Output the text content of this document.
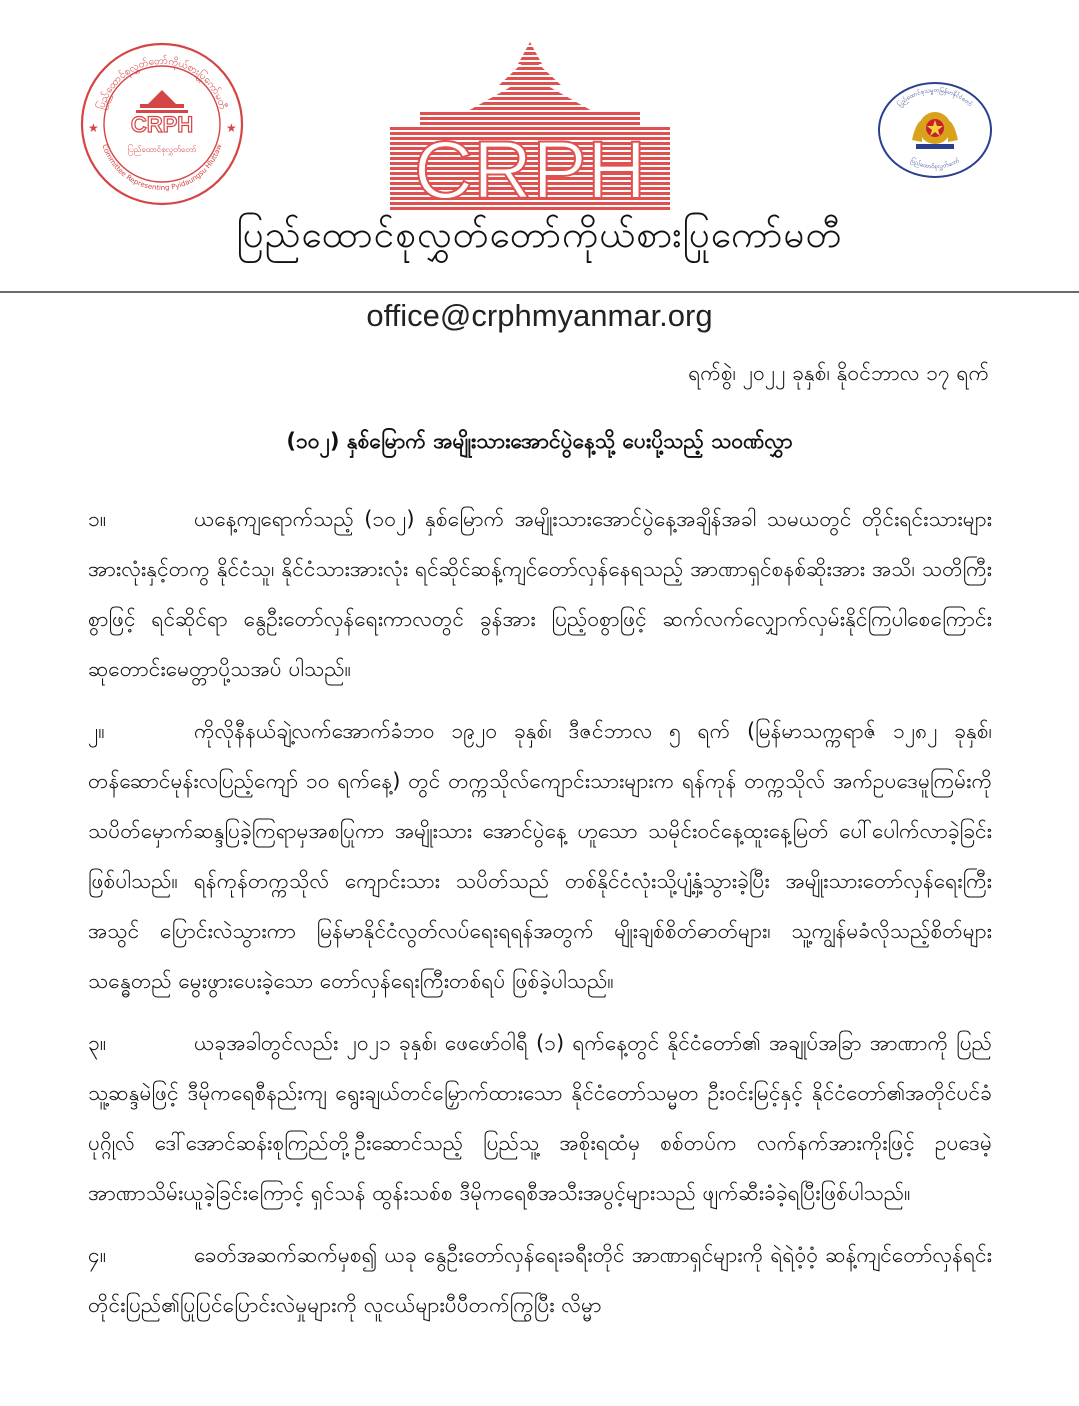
ပြည်ထောင်စုလွှတ်တော်ကိုယ်စားပြုကော်မတီ
Committee Representing Pyidaungsu Hluttaw
★	★
CRPH
ပြည်ထောင်စုလွှတ်တော်	CRPH
ပြည်ထောင်စုသမ္မတမြန်မာနိုင်ငံတော်
ပြည်ထောင်စုလွှတ်တော်
ပြည်ထောင်စုလွှတ်တော်ကိုယ်စားပြုကော်မတီ
office@crphmyanmar.org
ရက်စွဲ၊ ၂၀၂၂ ခုနှစ်၊ နိုဝင်ဘာလ ၁၇ ရက်
(၁၀၂) နှစ်မြောက် အမျိုးသားအောင်ပွဲနေ့သို့ ပေးပို့သည့် သဝဏ်လွှာ

၁။	ယနေ့ကျရောက်သည့် (၁၀၂) နှစ်မြောက် အမျိုးသားအောင်ပွဲနေ့အချိန်အခါ သမယတွင် တိုင်းရင်းသားများအားလုံးနှင့်တကွ နိုင်ငံသူ၊ နိုင်ငံသားအားလုံး ရင်ဆိုင်ဆန့်ကျင်တော်လှန်နေရသည့် အာဏာရှင်စနစ်ဆိုးအား အသိ၊ သတိကြီးစွာဖြင့် ရင်ဆိုင်ရာ နွေဦးတော်လှန်ရေးကာလတွင် ခွန်အား ပြည့်ဝစွာဖြင့် ဆက်လက်လျှောက်လှမ်းနိုင်ကြပါစေကြောင်း ဆုတောင်းမေတ္တာပို့သအပ် ပါသည်။

၂။	ကိုလိုနီနယ်ချဲ့လက်အောက်ခံဘ၀ ၁၉၂၀ ခုနှစ်၊ ဒီဇင်ဘာလ ၅ ရက် (မြန်မာသက္ကရာဇ် ၁၂၈၂ ခုနှစ်၊ တန်ဆောင်မုန်းလပြည့်ကျော် ၁၀ ရက်နေ့) တွင် တက္ကသိုလ်ကျောင်းသားများက ရန်ကုန် တက္ကသိုလ် အက်ဥပဒေမူကြမ်းကို သပိတ်မှောက်ဆန္ဒပြခဲ့ကြရာမှအစပြုကာ အမျိုးသား အောင်ပွဲနေ့ ဟူသော သမိုင်းဝင်နေ့ထူးနေ့မြတ် ပေါ်ပေါက်လာခဲ့ခြင်းဖြစ်ပါသည်။ ရန်ကုန်တက္ကသိုလ် ကျောင်းသား သပိတ်သည် တစ်နိုင်ငံလုံးသို့ပျံ့နှံ့သွားခဲ့ပြီး အမျိုးသားတော်လှန်ရေးကြီးအသွင် ပြောင်းလဲသွားကာ မြန်မာနိုင်ငံလွတ်လပ်ရေးရရန်အတွက် မျိုးချစ်စိတ်ဓာတ်များ၊ သူ့ကျွန်မခံလိုသည့်စိတ်များ သန္ဓေတည် မွေးဖွားပေးခဲ့သော တော်လှန်ရေးကြီးတစ်ရပ် ဖြစ်ခဲ့ပါသည်။

၃။	ယခုအခါတွင်လည်း ၂၀၂၁ ခုနှစ်၊ ဖေဖော်ဝါရီ (၁) ရက်နေ့တွင် နိုင်ငံတော်၏ အချုပ်အခြာ အာဏာကို ပြည်သူ့ဆန္ဒမဲဖြင့် ဒီမိုကရေစီနည်းကျ ရွေးချယ်တင်မြှောက်ထားသော နိုင်ငံတော်သမ္မတ ဦးဝင်းမြင့်နှင့် နိုင်ငံတော်၏အတိုင်ပင်ခံပုဂ္ဂိုလ် ဒေါ်အောင်ဆန်းစုကြည်တို့ဦးဆောင်သည့် ပြည်သူ့ အစိုးရထံမှ စစ်တပ်က လက်နက်အားကိုးဖြင့် ဥပဒေမဲ့အာဏာသိမ်းယူခဲ့ခြင်းကြောင့် ရှင်သန် ထွန်းသစ်စ ဒီမိုကရေစီအသီးအပွင့်များသည် ဖျက်ဆီးခံခဲ့ရပြီးဖြစ်ပါသည်။

၄။	ခေတ်အဆက်ဆက်မှစ၍ ယခု နွေဦးတော်လှန်ရေးခရီးတိုင် အာဏာရှင်များကို ရဲရဲဝံ့ဝံ့ ဆန့်ကျင်တော်လှန်ရင်း တိုင်းပြည်၏ပြုပြင်ပြောင်းလဲမှုများကို လူငယ်များပီပီတက်ကြွပြီး လိမ္မာ
